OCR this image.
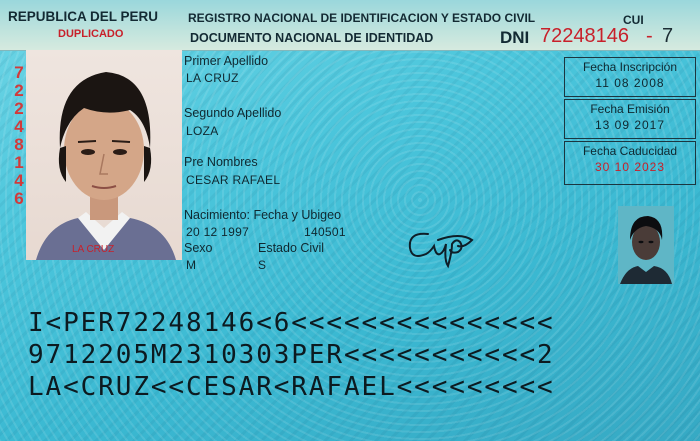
REPUBLICA DEL PERU
DUPLICADO
REGISTRO NACIONAL DE IDENTIFICACION Y ESTADO CIVIL
DOCUMENTO NACIONAL DE IDENTIDAD
CUI
DNI 72248146 - 7
7
2
2
4
8
1
4
6
LA CRUZ
Primer Apellido
LA CRUZ
Segundo Apellido
LOZA
Pre Nombres
CESAR RAFAEL
Nacimiento: Fecha y Ubigeo
20 12 1997	140501
Sexo
M
Estado Civil
S
Fecha Inscripción
11 08 2008
Fecha Emisión
13 09 2017
Fecha Caducidad
30 10 2023
I<PER72248146<6<<<<<<<<<<<<<<<
9712205M2310303PER<<<<<<<<<<<2
LA<CRUZ<<CESAR<RAFAEL<<<<<<<<<
